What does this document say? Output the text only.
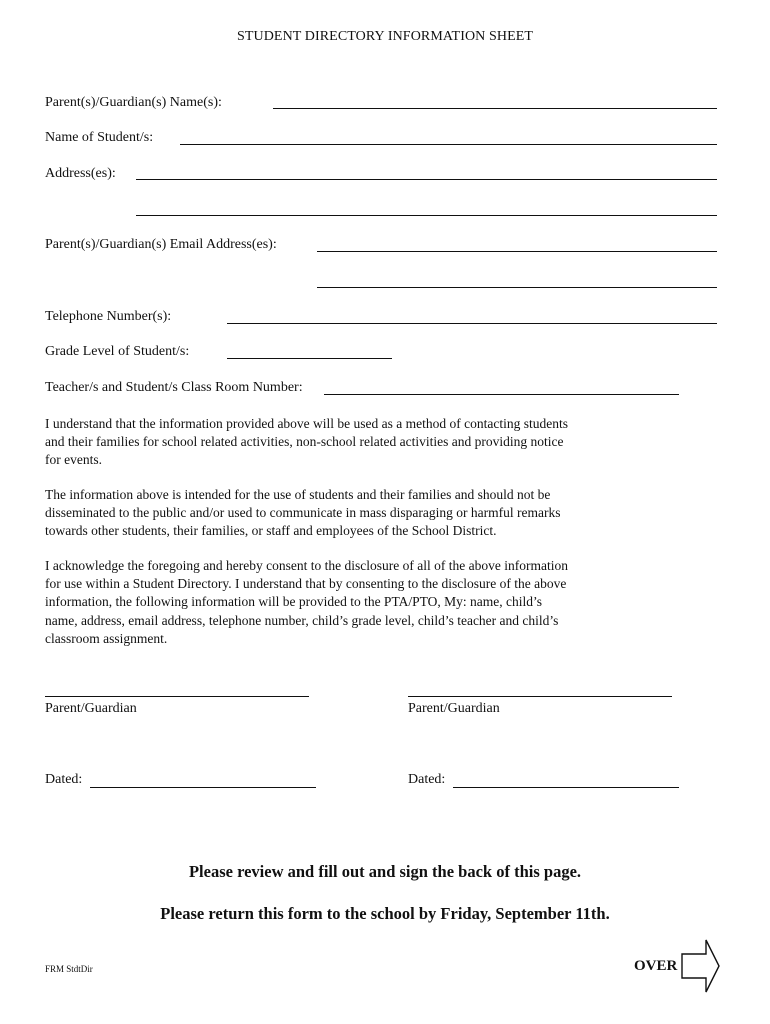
STUDENT DIRECTORY INFORMATION SHEET
Parent(s)/Guardian(s) Name(s):
Name of Student/s:
Address(es):
Parent(s)/Guardian(s) Email Address(es):
Telephone Number(s):
Grade Level of Student/s:
Teacher/s and Student/s Class Room Number:
I understand that the information provided above will be used as a method of contacting students
and their families for school related activities, non-school related activities and providing notice
for events.
The information above is intended for the use of students and their families and should not be
disseminated to the public and/or used to communicate in mass disparaging or harmful remarks
towards other students, their families, or staff and employees of the School District.
I acknowledge the foregoing and hereby consent to the disclosure of all of the above information
for use within a Student Directory. I understand that by consenting to the disclosure of the above
information, the following information will be provided to the PTA/PTO, My: name, child’s
name, address, email address, telephone number, child’s grade level, child’s teacher and child’s
classroom assignment.
Parent/Guardian	Parent/Guardian
Dated:	Dated:
Please review and fill out and sign the back of this page.
Please return this form to the school by Friday, September 11th.
FRM StdtDir	OVER
